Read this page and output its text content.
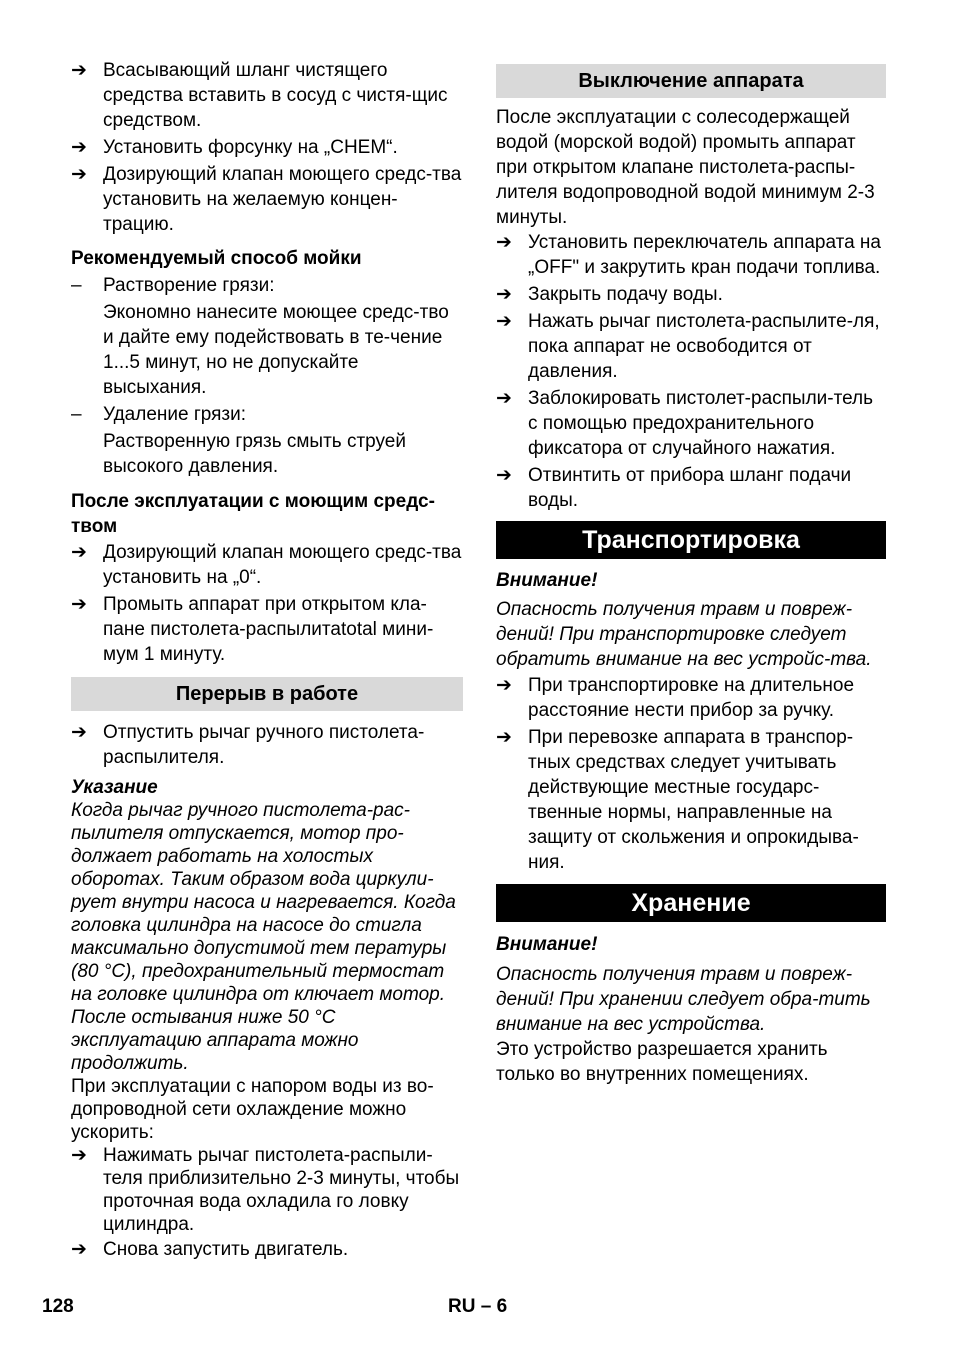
➔ Всасывающий шланг чистящего средства вставить в сосуд с чистя-щис средством.
➔ Установить форсунку на „CHEM“.
➔ Дозирующий клапан моющего средс-тва установить на желаемую концен-трацию.
Рекомендуемый способ мойки
–	Растворение грязи:
Экономно нанесите моющее средс-тво и дайте ему подействовать в те-чение 1...5 минут, но не допускайте высыхания.
–	Удаление грязи:
Растворенную грязь смыть струей высокого давления.
После эксплуатации с моющим средс-твом
➔ Дозирующий клапан моющего средс-тва установить на „0“.
➔ Промыть аппарат при открытом кла-пане пистолета-распылитаtotal мини-мум 1 минуту.
Перерыв в работе
➔ Отпустить рычаг ручного пистолета-распылителя.
Указание
Когда рычаг ручного пистолета-рас-пылителя отпускается, мотор про-должает работать на холостых оборотах. Таким образом вода циркули-рует внутри насоса и нагревается. Когда головка цилиндра на насосе до стигла максимально допустимой тем пературы (80 °C), предохранительный термостат на головке цилиндра от ключает мотор. После остывания ниже 50 °C эксплуатацию аппарата можно продолжить.
При эксплуатации с напором воды из во-допроводной сети охлаждение можно ускорить:
➔ Нажимать рычаг пистолета-распыли-теля приблизительно 2-3 минуты, чтобы проточная вода охладила го ловку цилиндра.
➔ Снова запустить двигатель.
Выключение аппарата
После эксплуатации с солесодержащей водой (морской водой) промыть аппарат при открытом клапане пистолета-распы-лителя водопроводной водой минимум 2-3 минуты.
➔ Установить переключатель аппарата на „OFF" и закрутить кран подачи топлива.
➔ Закрыть подачу воды.
➔ Нажать рычаг пистолета-распылите-ля, пока аппарат не освободится от давления.
➔ Заблокировать пистолет-распыли-тель с помощью предохранительного фиксатора от случайного нажатия.
➔ Отвинтить от прибора шланг подачи воды.
Транспортировка
Внимание!
Опасность получения травм и повреж-дений! При транспортировке следует обратить внимание на вес устройс-тва.
➔ При транспортировке на длительное расстояние нести прибор за ручку.
➔ При перевозке аппарата в транспор-тных средствах следует учитывать действующие местные государс-твенные нормы, направленные на защиту от скольжения и опрокидыва-ния.
Хранение
Внимание!
Опасность получения травм и повреж-дений! При хранении следует обра-тить внимание на вес устройства.
Это устройство разрешается хранить только во внутренних помещениях.
128	RU – 6
